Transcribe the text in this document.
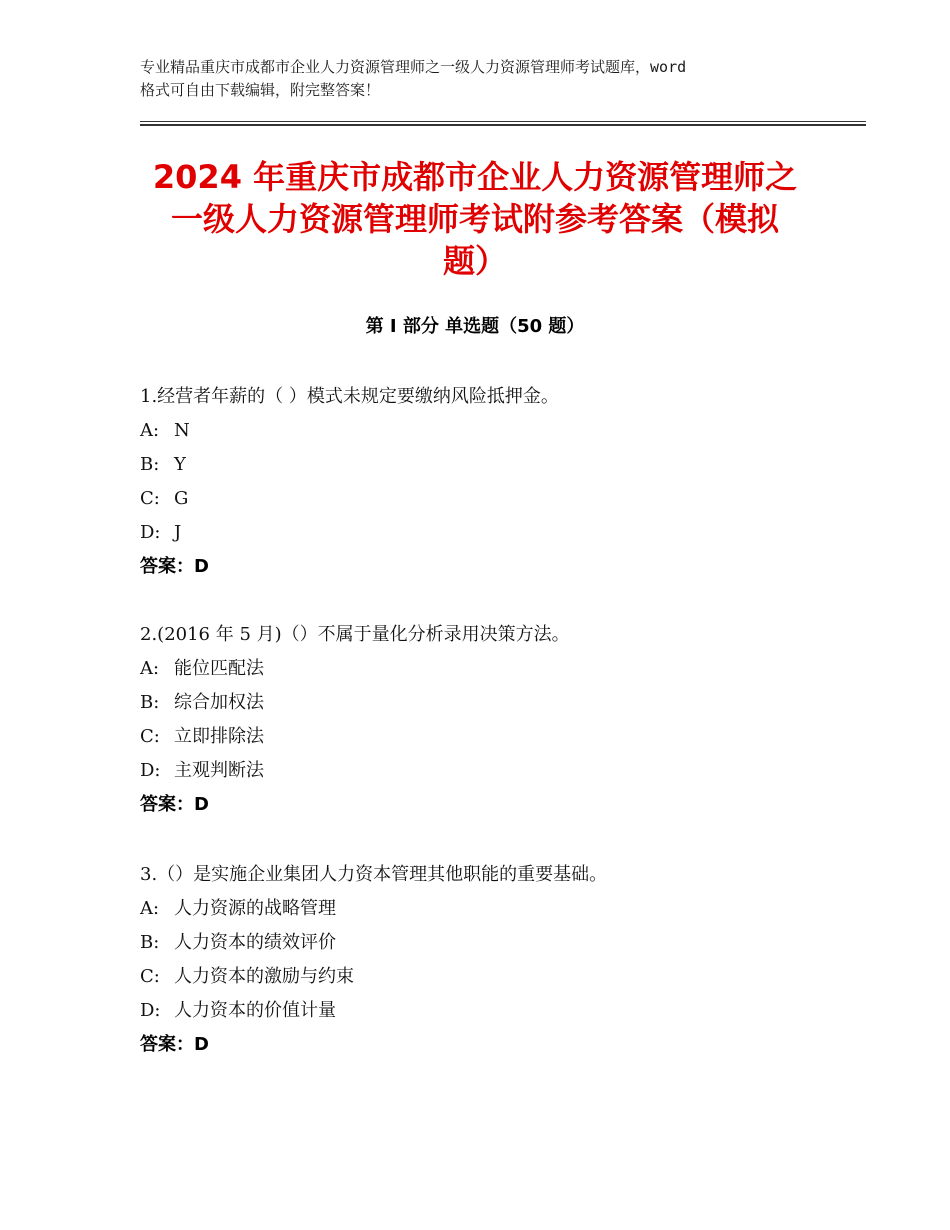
专业精品重庆市成都市企业人力资源管理师之一级人力资源管理师考试题库，word
格式可自由下载编辑，附完整答案！
2024 年重庆市成都市企业人力资源管理师之
一级人力资源管理师考试附参考答案（模拟
题）
第 I 部分 单选题（50 题）
1.经营者年薪的（ ）模式未规定要缴纳风险抵押金。
A: N
B: Y
C: G
D: J
答案：D
2.(2016 年 5 月)（）不属于量化分析录用决策方法。
A: 能位匹配法
B: 综合加权法
C: 立即排除法
D: 主观判断法
答案：D
3.（）是实施企业集团人力资本管理其他职能的重要基础。
A: 人力资源的战略管理
B: 人力资本的绩效评价
C: 人力资本的激励与约束
D: 人力资本的价值计量
答案：D
